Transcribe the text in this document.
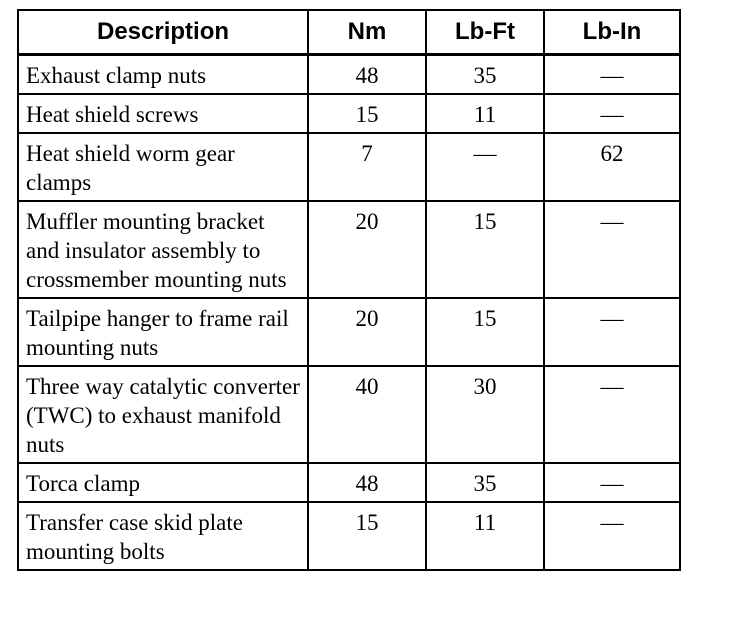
Description	Nm	Lb-Ft	Lb-In
Exhaust clamp nuts	48	35	—
Heat shield screws	15	11	—
Heat shield worm gear clamps	7	—	62
Muffler mounting bracket and insulator assembly to crossmember mounting nuts	20	15	—
Tailpipe hanger to frame rail mounting nuts	20	15	—
Three way catalytic converter (TWC) to exhaust manifold nuts	40	30	—
Torca clamp	48	35	—
Transfer case skid plate mounting bolts	15	11	—
